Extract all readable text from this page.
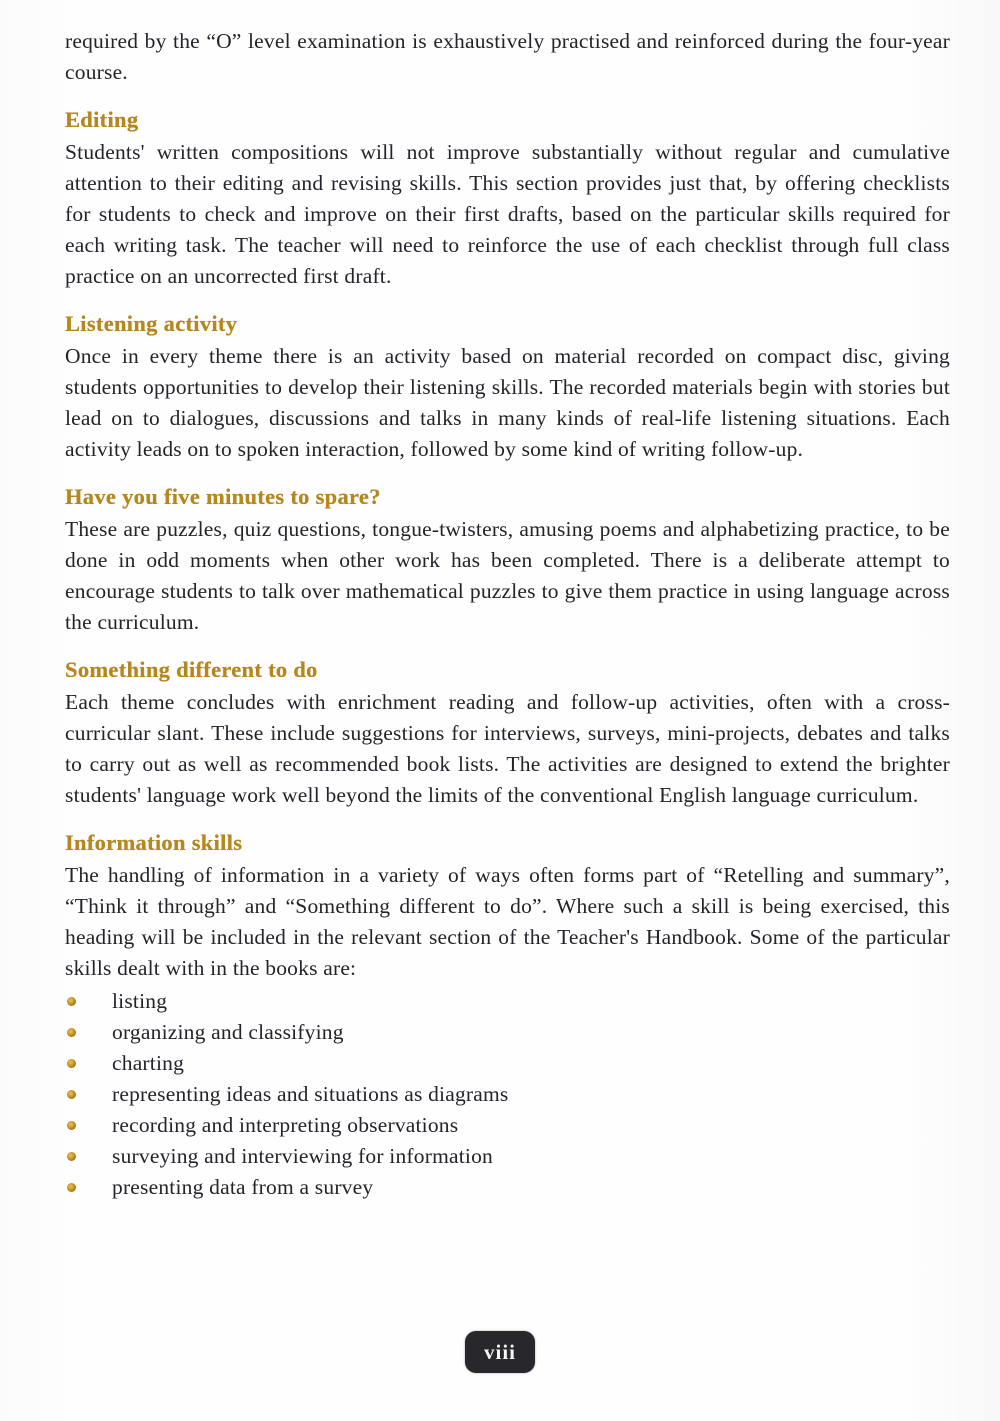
required by the “O” level examination is exhaustively practised and reinforced during the four-year course.

Editing

Students' written compositions will not improve substantially without regular and cumulative attention to their editing and revising skills. This section provides just that, by offering checklists for students to check and improve on their first drafts, based on the particular skills required for each writing task. The teacher will need to reinforce the use of each checklist through full class practice on an uncorrected first draft.

Listening activity

Once in every theme there is an activity based on material recorded on compact disc, giving students opportunities to develop their listening skills. The recorded materials begin with stories but lead on to dialogues, discussions and talks in many kinds of real-life listening situations. Each activity leads on to spoken interaction, followed by some kind of writing follow-up.

Have you five minutes to spare?

These are puzzles, quiz questions, tongue-twisters, amusing poems and alphabetizing practice, to be done in odd moments when other work has been completed. There is a deliberate attempt to encourage students to talk over mathematical puzzles to give them practice in using language across the curriculum.

Something different to do

Each theme concludes with enrichment reading and follow-up activities, often with a cross-curricular slant. These include suggestions for interviews, surveys, mini-projects, debates and talks to carry out as well as recommended book lists. The activities are designed to extend the brighter students' language work well beyond the limits of the conventional English language curriculum.

Information skills

The handling of information in a variety of ways often forms part of “Retelling and summary”, “Think it through” and “Something different to do”. Where such a skill is being exercised, this heading will be included in the relevant section of the Teacher's Handbook. Some of the particular skills dealt with in the books are:

listing
organizing and classifying
charting
representing ideas and situations as diagrams
recording and interpreting observations
surveying and interviewing for information
presenting data from a survey
viii
